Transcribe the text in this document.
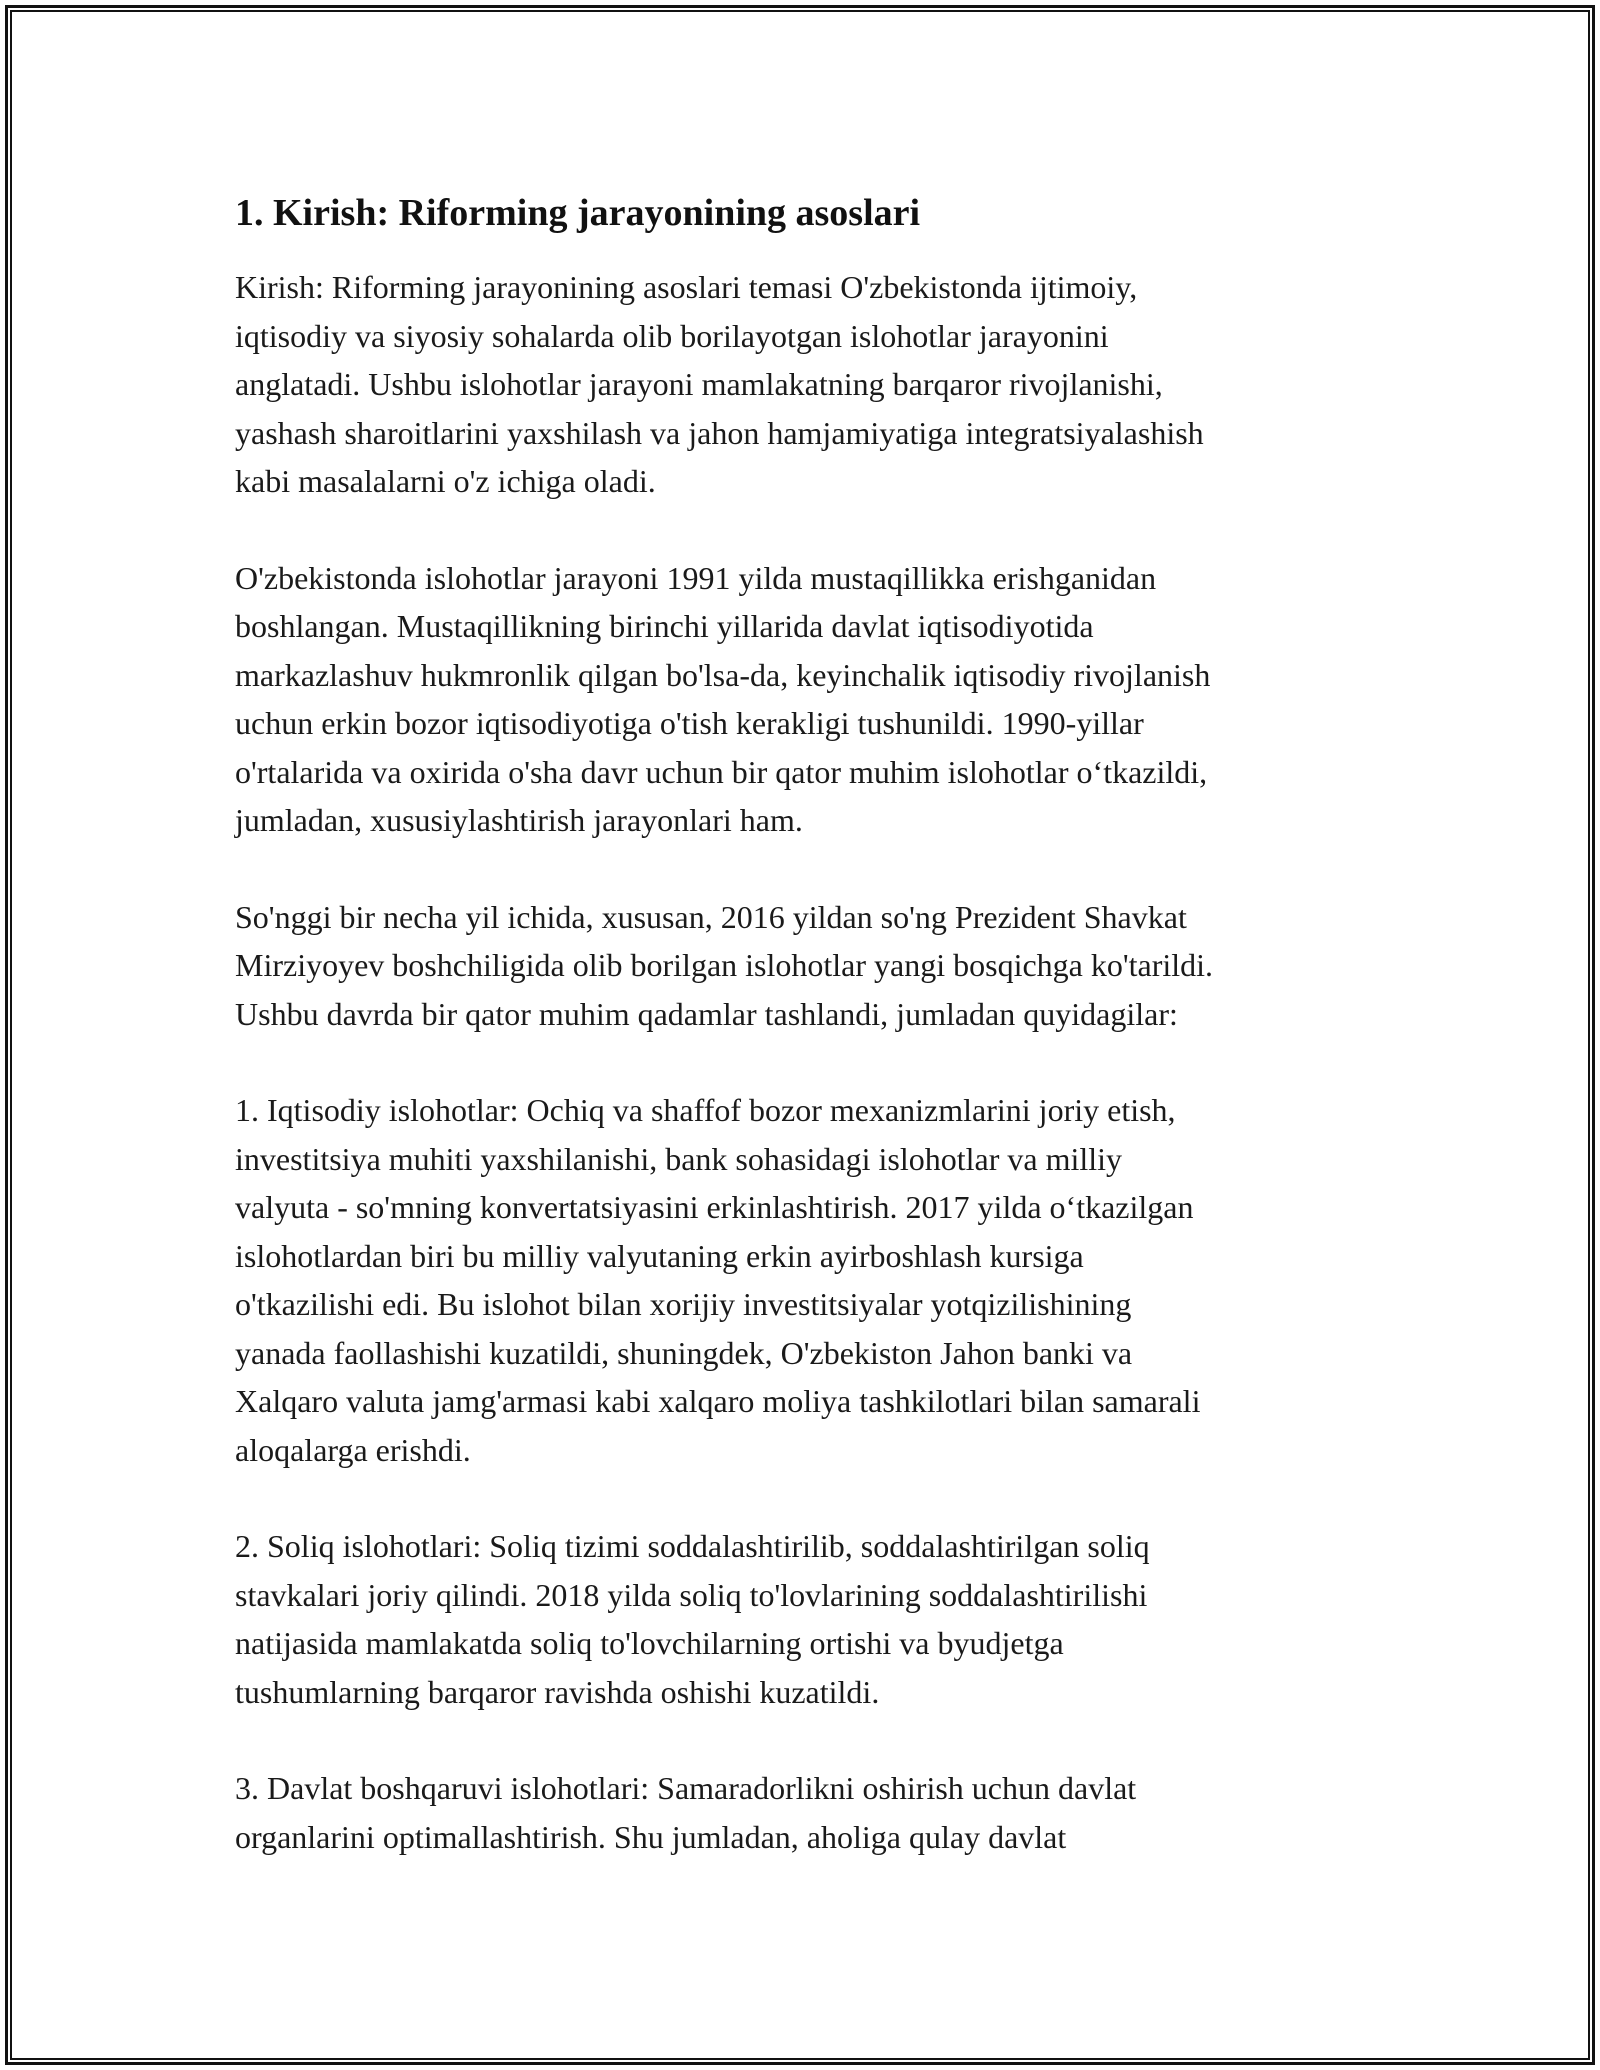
1. Kirish: Riforming jarayonining asoslari

Kirish: Riforming jarayonining asoslari temasi O'zbekistonda ijtimoiy,
iqtisodiy va siyosiy sohalarda olib borilayotgan islohotlar jarayonini
anglatadi. Ushbu islohotlar jarayoni mamlakatning barqaror rivojlanishi,
yashash sharoitlarini yaxshilash va jahon hamjamiyatiga integratsiyalashish
kabi masalalarni o'z ichiga oladi.

O'zbekistonda islohotlar jarayoni 1991 yilda mustaqillikka erishganidan
boshlangan. Mustaqillikning birinchi yillarida davlat iqtisodiyotida
markazlashuv hukmronlik qilgan bo'lsa-da, keyinchalik iqtisodiy rivojlanish
uchun erkin bozor iqtisodiyotiga o'tish kerakligi tushunildi. 1990-yillar
o'rtalarida va oxirida o'sha davr uchun bir qator muhim islohotlar o‘tkazildi,
jumladan, xususiylashtirish jarayonlari ham.

So'nggi bir necha yil ichida, xususan, 2016 yildan so'ng Prezident Shavkat
Mirziyoyev boshchiligida olib borilgan islohotlar yangi bosqichga ko'tarildi.
Ushbu davrda bir qator muhim qadamlar tashlandi, jumladan quyidagilar:

1. Iqtisodiy islohotlar: Ochiq va shaffof bozor mexanizmlarini joriy etish,
investitsiya muhiti yaxshilanishi, bank sohasidagi islohotlar va milliy
valyuta - so'mning konvertatsiyasini erkinlashtirish. 2017 yilda o‘tkazilgan
islohotlardan biri bu milliy valyutaning erkin ayirboshlash kursiga
o'tkazilishi edi. Bu islohot bilan xorijiy investitsiyalar yotqizilishining
yanada faollashishi kuzatildi, shuningdek, O'zbekiston Jahon banki va
Xalqaro valuta jamg'armasi kabi xalqaro moliya tashkilotlari bilan samarali
aloqalarga erishdi.

2. Soliq islohotlari: Soliq tizimi soddalashtirilib, soddalashtirilgan soliq
stavkalari joriy qilindi. 2018 yilda soliq to'lovlarining soddalashtirilishi
natijasida mamlakatda soliq to'lovchilarning ortishi va byudjetga
tushumlarning barqaror ravishda oshishi kuzatildi.

3. Davlat boshqaruvi islohotlari: Samaradorlikni oshirish uchun davlat
organlarini optimallashtirish. Shu jumladan, aholiga qulay davlat
